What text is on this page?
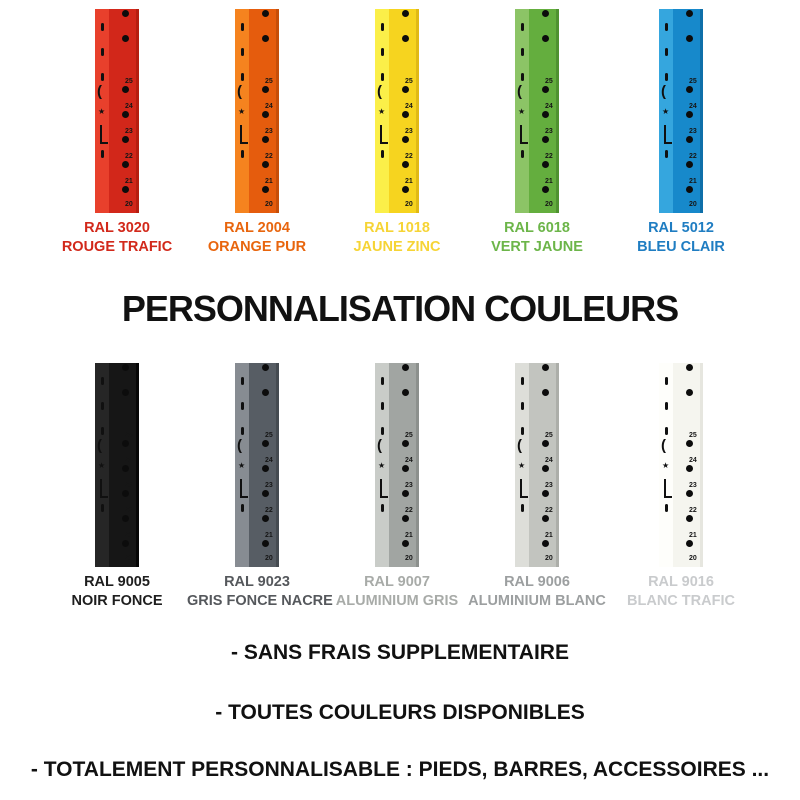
(
★
25
24
23
22
21
20
RAL 3020
ROUGE TRAFIC
(
★
25
24
23
22
21
20
RAL 2004
ORANGE PUR
(
★
25
24
23
22
21
20
RAL 1018
JAUNE ZINC
(
★
25
24
23
22
21
20
RAL 6018
VERT JAUNE
(
★
25
24
23
22
21
20
RAL 5012
BLEU CLAIR
PERSONNALISATION COULEURS
(
★
25
24
23
22
21
20
RAL 9005
NOIR FONCE
(
★
25
24
23
22
21
20
RAL 9023
GRIS FONCE NACRE
(
★
25
24
23
22
21
20
RAL 9007
ALUMINIUM GRIS
(
★
25
24
23
22
21
20
RAL 9006
ALUMINIUM BLANC
(
★
25
24
23
22
21
20
RAL 9016
BLANC TRAFIC
- SANS FRAIS SUPPLEMENTAIRE
- TOUTES COULEURS DISPONIBLES
- TOTALEMENT PERSONNALISABLE : PIEDS, BARRES, ACCESSOIRES ...
